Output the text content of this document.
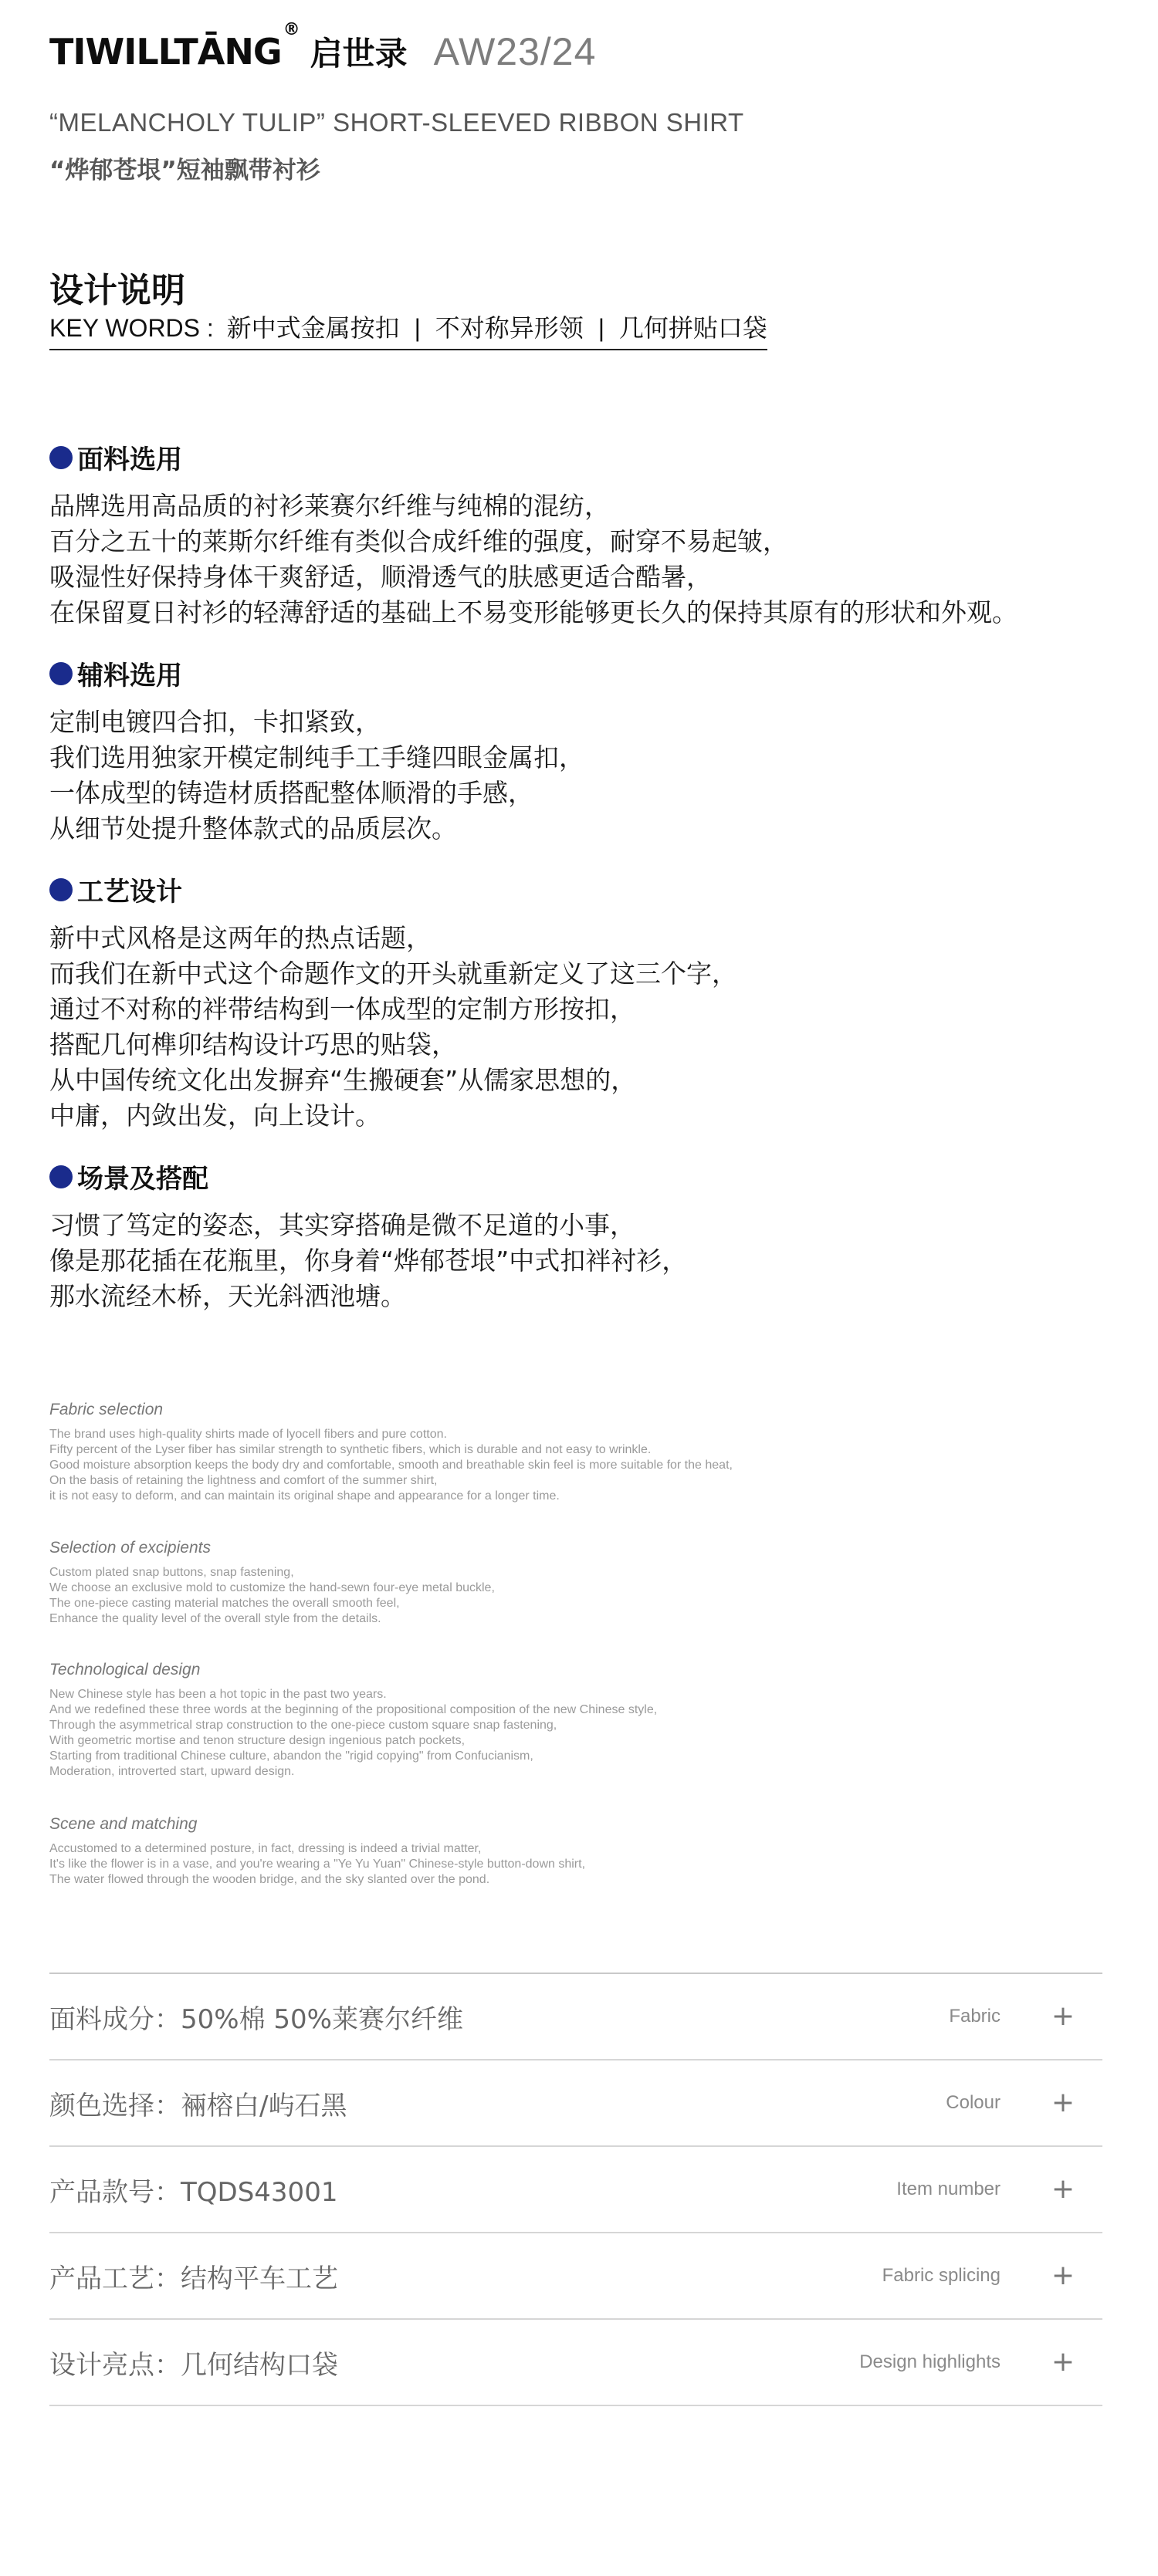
TIWILLTĀNG®
启世录 AW23/24
“MELANCHOLY TULIP” SHORT-SLEEVED RIBBON SHIRT
“烨郁苍垠”短袖飘带衬衫
设计说明
KEY WORDS : 新中式金属按扣 | 不对称异形领 | 几何拼贴口袋
面料选用
品牌选用高品质的衬衫莱赛尔纤维与纯棉的混纺，
百分之五十的莱斯尔纤维有类似合成纤维的强度，耐穿不易起皱，
吸湿性好保持身体干爽舒适，顺滑透气的肤感更适合酷暑，
在保留夏日衬衫的轻薄舒适的基础上不易变形能够更长久的保持其原有的形状和外观。
辅料选用
定制电镀四合扣，卡扣紧致，
我们选用独家开模定制纯手工手缝四眼金属扣，
一体成型的铸造材质搭配整体顺滑的手感，
从细节处提升整体款式的品质层次。
工艺设计
新中式风格是这两年的热点话题，
而我们在新中式这个命题作文的开头就重新定义了这三个字，
通过不对称的袢带结构到一体成型的定制方形按扣，
搭配几何榫卯结构设计巧思的贴袋，
从中国传统文化出发摒弃“生搬硬套”从儒家思想的，
中庸，内敛出发，向上设计。
场景及搭配
习惯了笃定的姿态，其实穿搭确是微不足道的小事，
像是那花插在花瓶里，你身着“烨郁苍垠”中式扣袢衬衫，
那水流经木桥，天光斜洒池塘。
Fabric selection
The brand uses high-quality shirts made of lyocell fibers and pure cotton.
Fifty percent of the Lyser fiber has similar strength to synthetic fibers, which is durable and not easy to wrinkle.
Good moisture absorption keeps the body dry and comfortable, smooth and breathable skin feel is more suitable for the heat,
On the basis of retaining the lightness and comfort of the summer shirt,
it is not easy to deform, and can maintain its original shape and appearance for a longer time.
Selection of excipients
Custom plated snap buttons, snap fastening,
We choose an exclusive mold to customize the hand-sewn four-eye metal buckle,
The one-piece casting material matches the overall smooth feel,
Enhance the quality level of the overall style from the details.
Technological design
New Chinese style has been a hot topic in the past two years.
And we redefined these three words at the beginning of the propositional composition of the new Chinese style,
Through the asymmetrical strap construction to the one-piece custom square snap fastening,
With geometric mortise and tenon structure design ingenious patch pockets,
Starting from traditional Chinese culture, abandon the "rigid copying" from Confucianism,
Moderation, introverted start, upward design.
Scene and matching
Accustomed to a determined posture, in fact, dressing is indeed a trivial matter,
It's like the flower is in a vase, and you're wearing a "Ye Yu Yuan" Chinese-style button-down shirt,
The water flowed through the wooden bridge, and the sky slanted over the pond.
面料成分：50%棉 50%莱赛尔纤维	Fabric +
颜色选择：裲榕白/屿石黑	Colour +
产品款号：TQDS43001	Item number +
产品工艺：结构平车工艺	Fabric splicing +
设计亮点：几何结构口袋	Design highlights +
